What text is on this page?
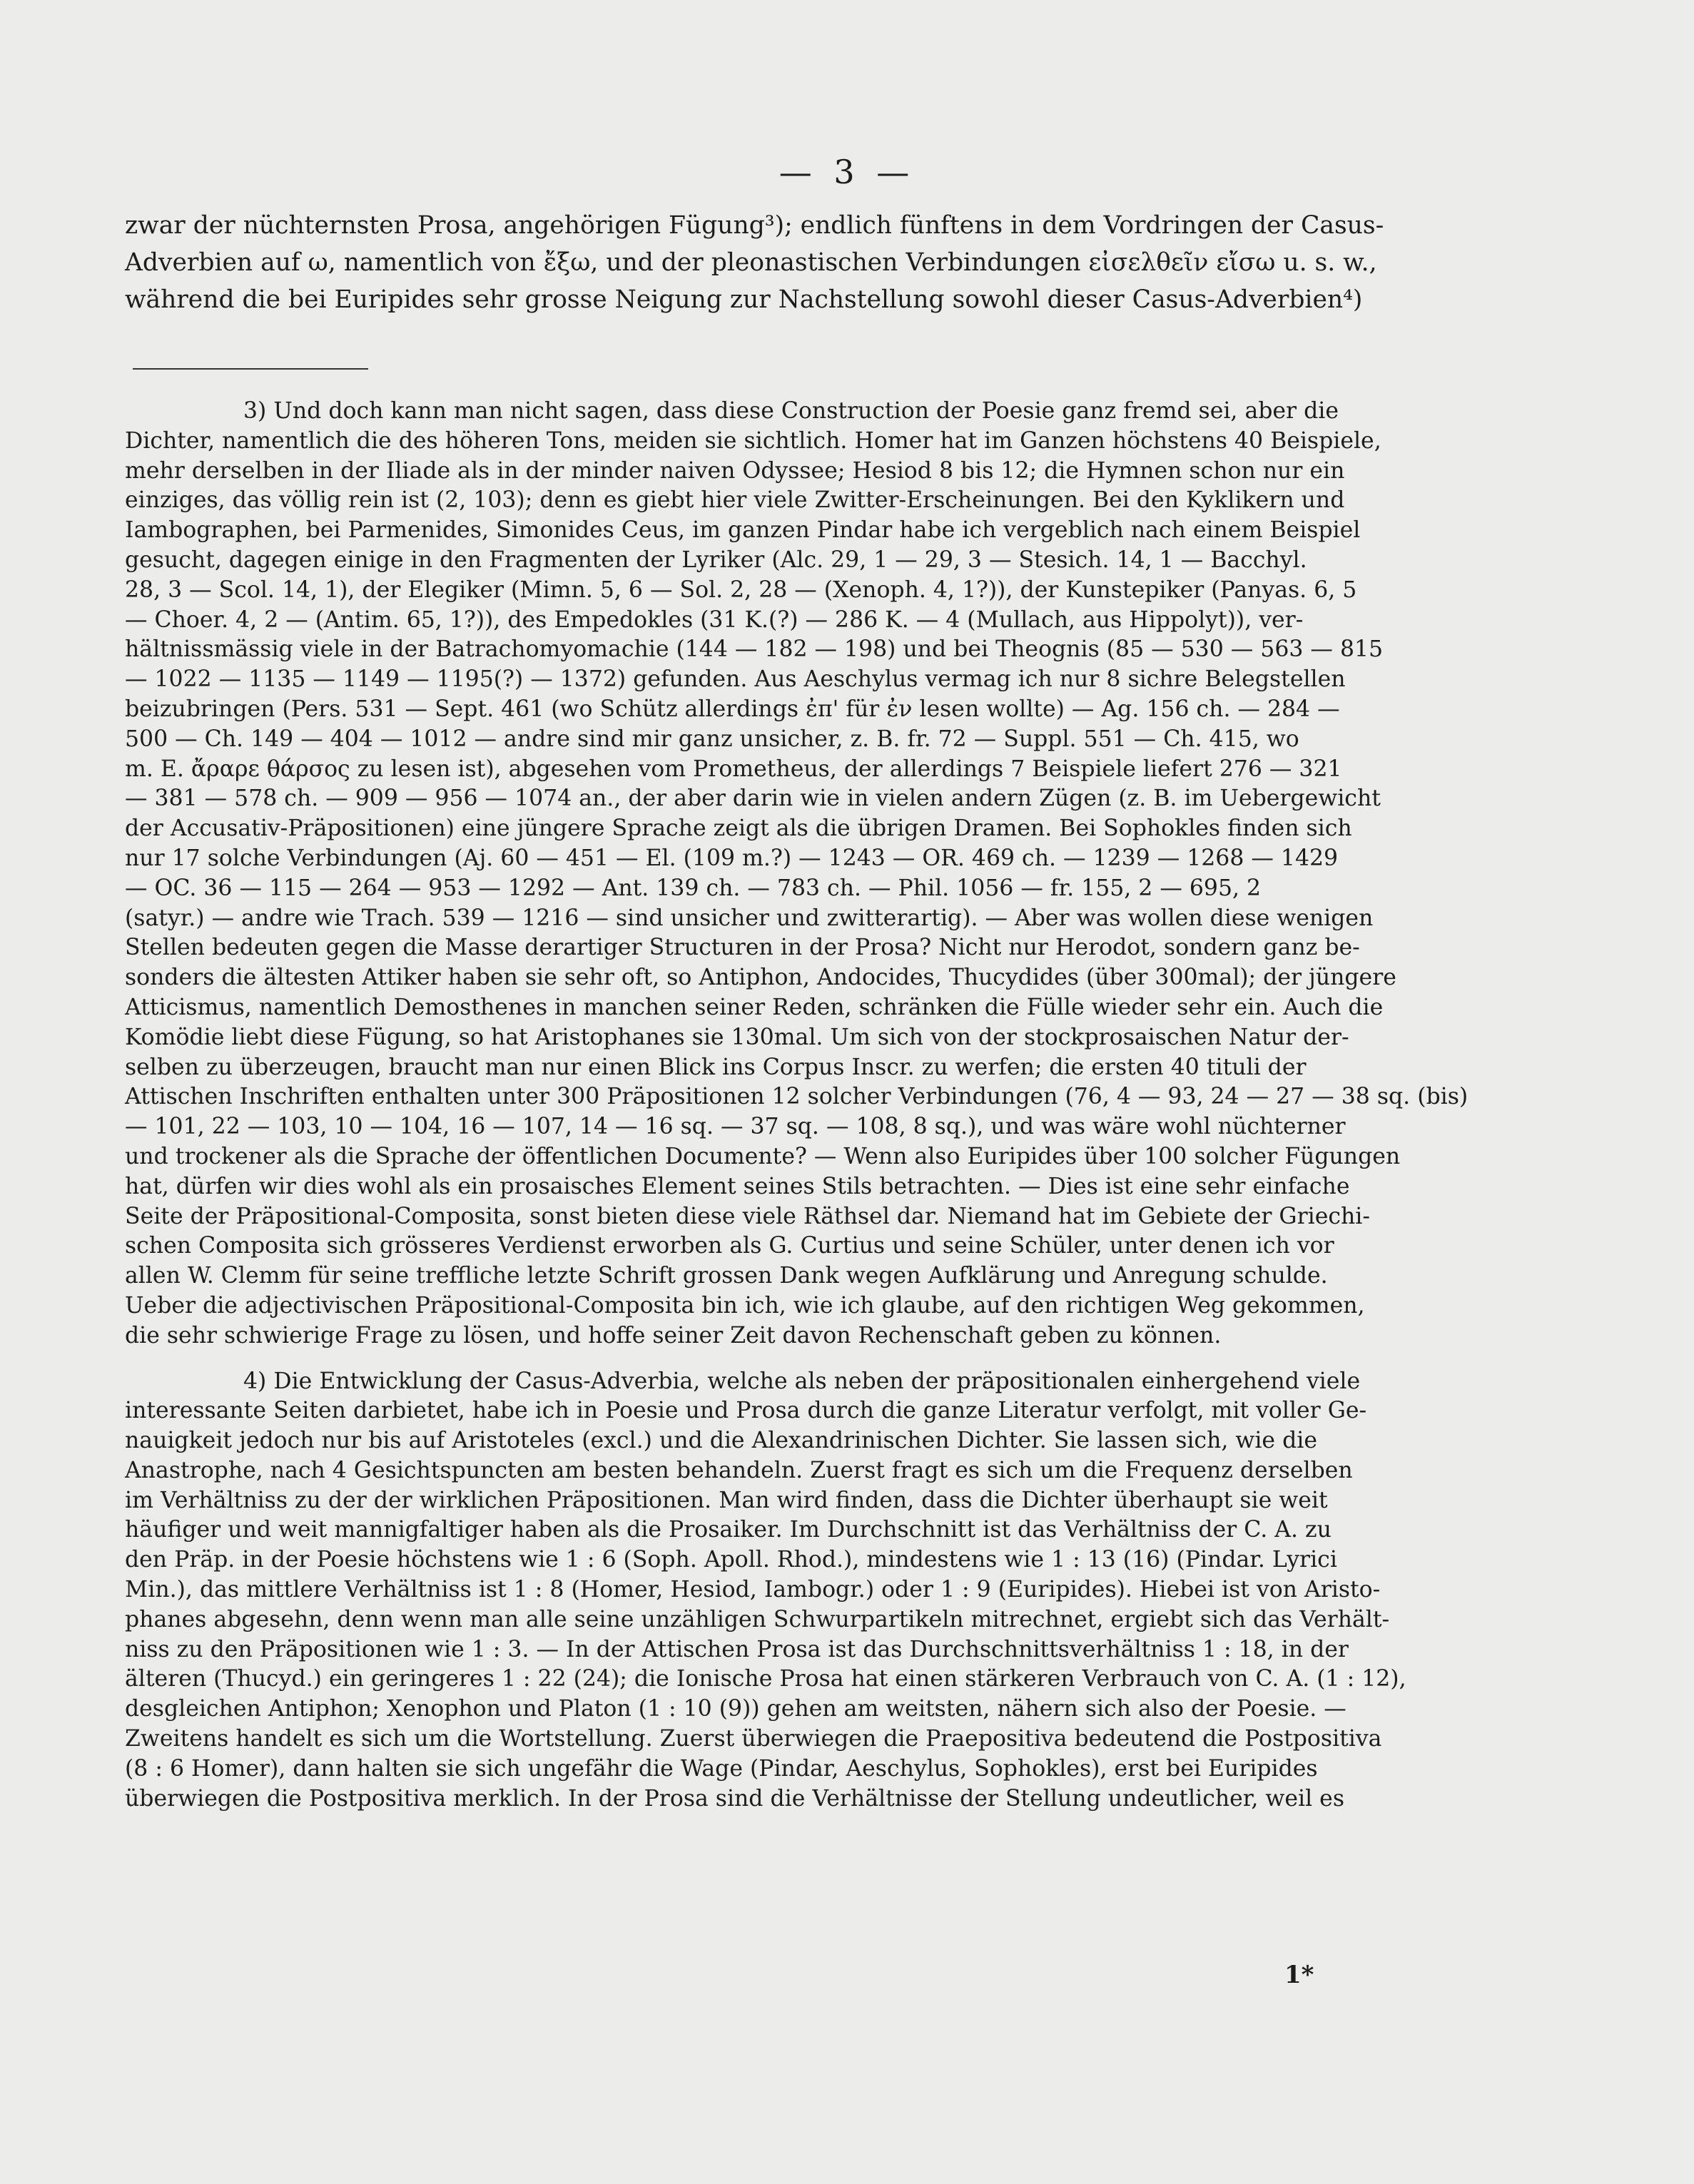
— 3 —
zwar der nüchternsten Prosa, angehörigen Fügung³); endlich fünftens in dem Vordringen der Casus-
Adverbien auf ω, namentlich von ἔξω, und der pleonastischen Verbindungen εἰσελθεῖν εἴσω u. s. w.,
während die bei Euripides sehr grosse Neigung zur Nachstellung sowohl dieser Casus-Adverbien⁴)
3) Und doch kann man nicht sagen, dass diese Construction der Poesie ganz fremd sei, aber die
Dichter, namentlich die des höheren Tons, meiden sie sichtlich. Homer hat im Ganzen höchstens 40 Beispiele,
mehr derselben in der Iliade als in der minder naiven Odyssee; Hesiod 8 bis 12; die Hymnen schon nur ein
einziges, das völlig rein ist (2, 103); denn es giebt hier viele Zwitter-Erscheinungen. Bei den Kyklikern und
Iambographen, bei Parmenides, Simonides Ceus, im ganzen Pindar habe ich vergeblich nach einem Beispiel
gesucht, dagegen einige in den Fragmenten der Lyriker (Alc. 29, 1 — 29, 3 — Stesich. 14, 1 — Bacchyl.
28, 3 — Scol. 14, 1), der Elegiker (Mimn. 5, 6 — Sol. 2, 28 — (Xenoph. 4, 1?)), der Kunstepiker (Panyas. 6, 5
— Choer. 4, 2 — (Antim. 65, 1?)), des Empedokles (31 K.(?) — 286 K. — 4 (Mullach, aus Hippolyt)), ver-
hältnissmässig viele in der Batrachomyomachie (144 — 182 — 198) und bei Theognis (85 — 530 — 563 — 815
— 1022 — 1135 — 1149 — 1195(?) — 1372) gefunden. Aus Aeschylus vermag ich nur 8 sichre Belegstellen
beizubringen (Pers. 531 — Sept. 461 (wo Schütz allerdings ἐπ' für ἐν lesen wollte) — Ag. 156 ch. — 284 —
500 — Ch. 149 — 404 — 1012 — andre sind mir ganz unsicher, z. B. fr. 72 — Suppl. 551 — Ch. 415, wo
m. E. ἄραρε θάρσος zu lesen ist), abgesehen vom Prometheus, der allerdings 7 Beispiele liefert 276 — 321
— 381 — 578 ch. — 909 — 956 — 1074 an., der aber darin wie in vielen andern Zügen (z. B. im Uebergewicht
der Accusativ-Präpositionen) eine jüngere Sprache zeigt als die übrigen Dramen. Bei Sophokles finden sich
nur 17 solche Verbindungen (Aj. 60 — 451 — El. (109 m.?) — 1243 — OR. 469 ch. — 1239 — 1268 — 1429
— OC. 36 — 115 — 264 — 953 — 1292 — Ant. 139 ch. — 783 ch. — Phil. 1056 — fr. 155, 2 — 695, 2
(satyr.) — andre wie Trach. 539 — 1216 — sind unsicher und zwitterartig). — Aber was wollen diese wenigen
Stellen bedeuten gegen die Masse derartiger Structuren in der Prosa? Nicht nur Herodot, sondern ganz be-
sonders die ältesten Attiker haben sie sehr oft, so Antiphon, Andocides, Thucydides (über 300mal); der jüngere
Atticismus, namentlich Demosthenes in manchen seiner Reden, schränken die Fülle wieder sehr ein. Auch die
Komödie liebt diese Fügung, so hat Aristophanes sie 130mal. Um sich von der stockprosaischen Natur der-
selben zu überzeugen, braucht man nur einen Blick ins Corpus Inscr. zu werfen; die ersten 40 tituli der
Attischen Inschriften enthalten unter 300 Präpositionen 12 solcher Verbindungen (76, 4 — 93, 24 — 27 — 38 sq. (bis)
— 101, 22 — 103, 10 — 104, 16 — 107, 14 — 16 sq. — 37 sq. — 108, 8 sq.), und was wäre wohl nüchterner
und trockener als die Sprache der öffentlichen Documente? — Wenn also Euripides über 100 solcher Fügungen
hat, dürfen wir dies wohl als ein prosaisches Element seines Stils betrachten. — Dies ist eine sehr einfache
Seite der Präpositional-Composita, sonst bieten diese viele Räthsel dar. Niemand hat im Gebiete der Griechi-
schen Composita sich grösseres Verdienst erworben als G. Curtius und seine Schüler, unter denen ich vor
allen W. Clemm für seine treffliche letzte Schrift grossen Dank wegen Aufklärung und Anregung schulde.
Ueber die adjectivischen Präpositional-Composita bin ich, wie ich glaube, auf den richtigen Weg gekommen,
die sehr schwierige Frage zu lösen, und hoffe seiner Zeit davon Rechenschaft geben zu können.
4) Die Entwicklung der Casus-Adverbia, welche als neben der präpositionalen einhergehend viele
interessante Seiten darbietet, habe ich in Poesie und Prosa durch die ganze Literatur verfolgt, mit voller Ge-
nauigkeit jedoch nur bis auf Aristoteles (excl.) und die Alexandrinischen Dichter. Sie lassen sich, wie die
Anastrophe, nach 4 Gesichtspuncten am besten behandeln. Zuerst fragt es sich um die Frequenz derselben
im Verhältniss zu der der wirklichen Präpositionen. Man wird finden, dass die Dichter überhaupt sie weit
häufiger und weit mannigfaltiger haben als die Prosaiker. Im Durchschnitt ist das Verhältniss der C. A. zu
den Präp. in der Poesie höchstens wie 1 : 6 (Soph. Apoll. Rhod.), mindestens wie 1 : 13 (16) (Pindar. Lyrici
Min.), das mittlere Verhältniss ist 1 : 8 (Homer, Hesiod, Iambogr.) oder 1 : 9 (Euripides). Hiebei ist von Aristo-
phanes abgesehn, denn wenn man alle seine unzähligen Schwurpartikeln mitrechnet, ergiebt sich das Verhält-
niss zu den Präpositionen wie 1 : 3. — In der Attischen Prosa ist das Durchschnittsverhältniss 1 : 18, in der
älteren (Thucyd.) ein geringeres 1 : 22 (24); die Ionische Prosa hat einen stärkeren Verbrauch von C. A. (1 : 12),
desgleichen Antiphon; Xenophon und Platon (1 : 10 (9)) gehen am weitsten, nähern sich also der Poesie. —
Zweitens handelt es sich um die Wortstellung. Zuerst überwiegen die Praepositiva bedeutend die Postpositiva
(8 : 6 Homer), dann halten sie sich ungefähr die Wage (Pindar, Aeschylus, Sophokles), erst bei Euripides
überwiegen die Postpositiva merklich. In der Prosa sind die Verhältnisse der Stellung undeutlicher, weil es
1*
